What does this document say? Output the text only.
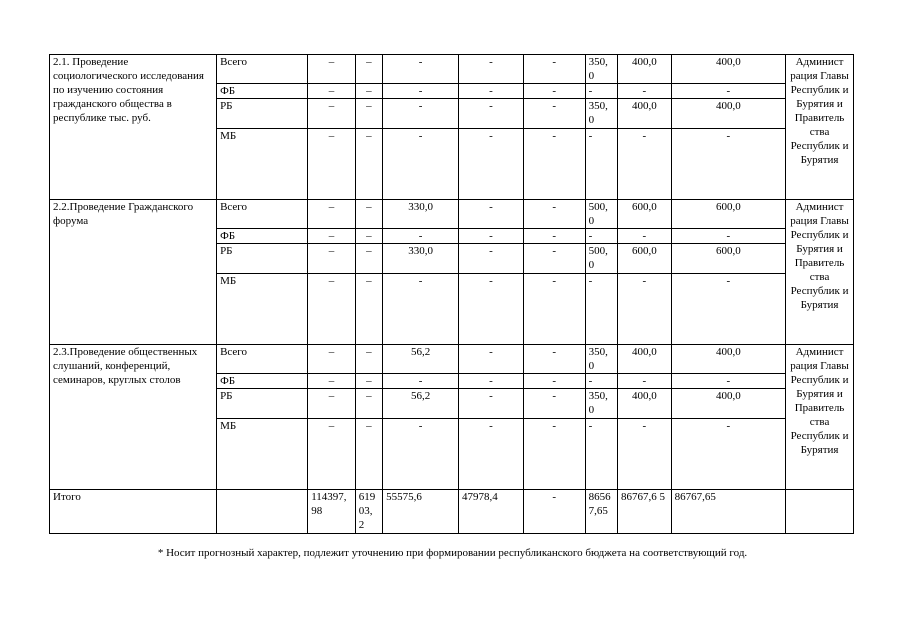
2.1. Проведение социологического исследования по изучению состояния гражданского общества в республике тыс. руб.	Всего	–	–	-	-	-	350, 0	400,0	400,0	Админист рация Главы Республик и Бурятия и Правитель ства Республик и Бурятия
	ФБ	–	–	-	-	-	-	-	-	
	РБ	–	–	-	-	-	350, 0	400,0	400,0	
	МБ	–	–	-	-	-	-	-	-	
2.2.Проведение Гражданского форума	Всего	–	–	330,0	-	-	500, 0	600,0	600,0	Админист рация Главы Республик и Бурятия и Правитель ства Республик и Бурятия
	ФБ	–	–	-	-	-	-	-	-	
	РБ	–	–	330,0	-	-	500, 0	600,0	600,0	
	МБ	–	–	-	-	-	-	-	-	
2.3.Проведение общественных слушаний, конференций, семинаров, круглых столов	Всего	–	–	56,2	-	-	350, 0	400,0	400,0	Админист рация Главы Республик и Бурятия и Правитель ства Республик и Бурятия
	ФБ	–	–	-	-	-	-	-	-	
	РБ	–	–	56,2	-	-	350, 0	400,0	400,0	
	МБ	–	–	-	-	-	-	-	-	
Итого		114397, 98	619 03, 2	55575,6	47978,4	-	8656 7,65	86767,6 5	86767,65	
* Носит прогнозный характер, подлежит уточнению при формировании республиканского бюджета на соответствующий год.
